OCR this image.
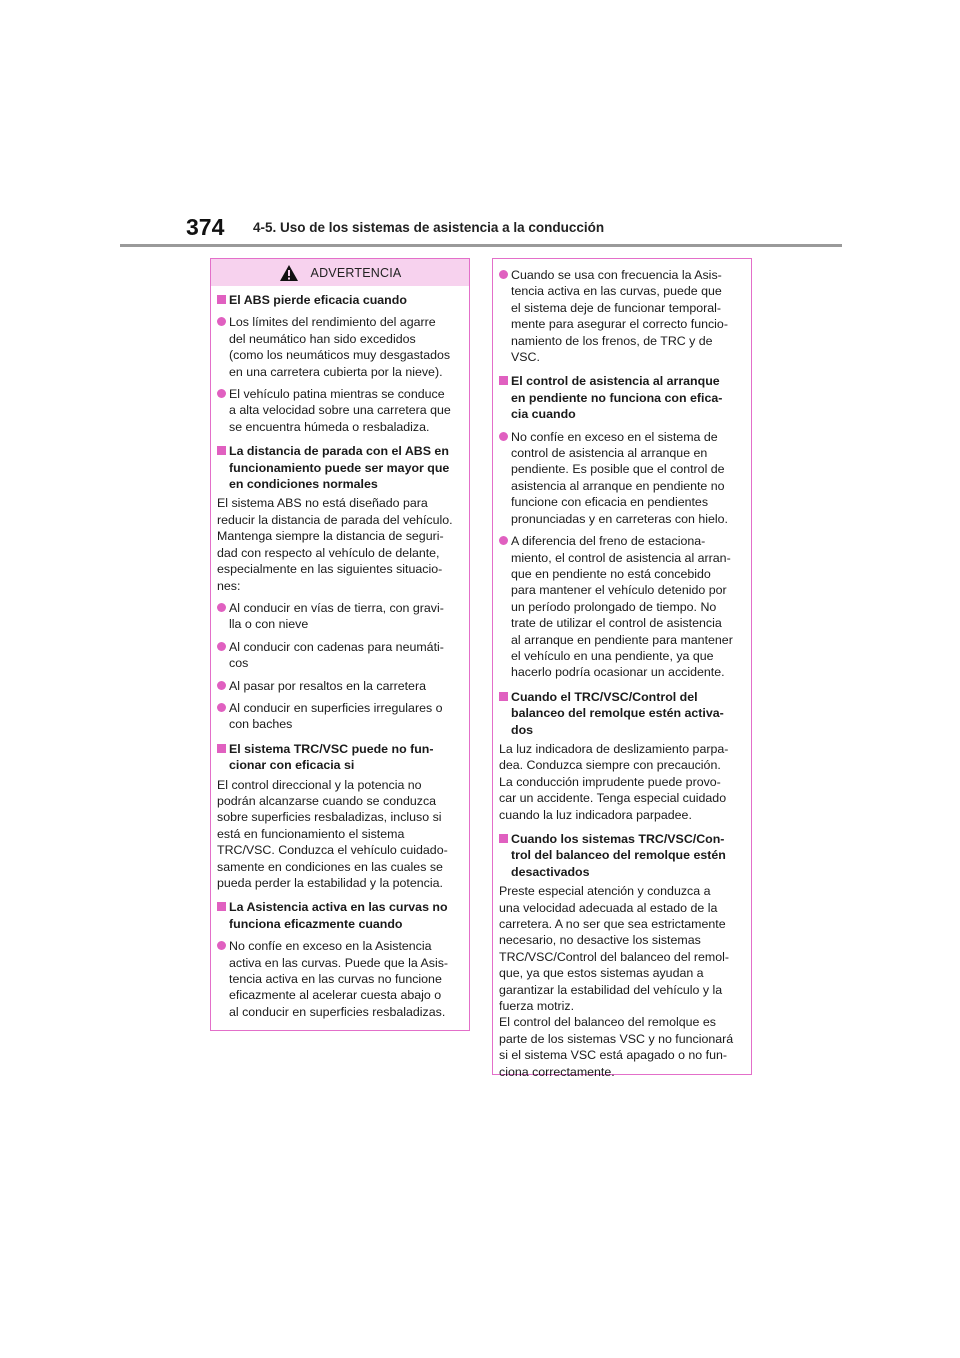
374 4-5. Uso de los sistemas de asistencia a la conducción
ADVERTENCIA
El ABS pierde eficacia cuando
Los límites del rendimiento del agarre
del neumático han sido excedidos
(como los neumáticos muy desgastados
en una carretera cubierta por la nieve).
El vehículo patina mientras se conduce
a alta velocidad sobre una carretera que
se encuentra húmeda o resbaladiza.
La distancia de parada con el ABS en
funcionamiento puede ser mayor que
en condiciones normales
El sistema ABS no está diseñado para
reducir la distancia de parada del vehículo.
Mantenga siempre la distancia de seguri-
dad con respecto al vehículo de delante,
especialmente en las siguientes situacio-
nes:
Al conducir en vías de tierra, con gravi-
lla o con nieve
Al conducir con cadenas para neumáti-
cos
Al pasar por resaltos en la carretera
Al conducir en superficies irregulares o
con baches
El sistema TRC/VSC puede no fun-
cionar con eficacia si
El control direccional y la potencia no
podrán alcanzarse cuando se conduzca
sobre superficies resbaladizas, incluso si
está en funcionamiento el sistema
TRC/VSC. Conduzca el vehículo cuidado-
samente en condiciones en las cuales se
pueda perder la estabilidad y la potencia.
La Asistencia activa en las curvas no
funciona eficazmente cuando
No confíe en exceso en la Asistencia
activa en las curvas. Puede que la Asis-
tencia activa en las curvas no funcione
eficazmente al acelerar cuesta abajo o
al conducir en superficies resbaladizas.
Cuando se usa con frecuencia la Asis-
tencia activa en las curvas, puede que
el sistema deje de funcionar temporal-
mente para asegurar el correcto funcio-
namiento de los frenos, de TRC y de
VSC.
El control de asistencia al arranque
en pendiente no funciona con efica-
cia cuando
No confíe en exceso en el sistema de
control de asistencia al arranque en
pendiente. Es posible que el control de
asistencia al arranque en pendiente no
funcione con eficacia en pendientes
pronunciadas y en carreteras con hielo.
A diferencia del freno de estaciona-
miento, el control de asistencia al arran-
que en pendiente no está concebido
para mantener el vehículo detenido por
un período prolongado de tiempo. No
trate de utilizar el control de asistencia
al arranque en pendiente para mantener
el vehículo en una pendiente, ya que
hacerlo podría ocasionar un accidente.
Cuando el TRC/VSC/Control del
balanceo del remolque estén activa-
dos
La luz indicadora de deslizamiento parpa-
dea. Conduzca siempre con precaución.
La conducción imprudente puede provo-
car un accidente. Tenga especial cuidado
cuando la luz indicadora parpadee.
Cuando los sistemas TRC/VSC/Con-
trol del balanceo del remolque estén
desactivados
Preste especial atención y conduzca a
una velocidad adecuada al estado de la
carretera. A no ser que sea estrictamente
necesario, no desactive los sistemas
TRC/VSC/Control del balanceo del remol-
que, ya que estos sistemas ayudan a
garantizar la estabilidad del vehículo y la
fuerza motriz.
El control del balanceo del remolque es
parte de los sistemas VSC y no funcionará
si el sistema VSC está apagado o no fun-
ciona correctamente.
